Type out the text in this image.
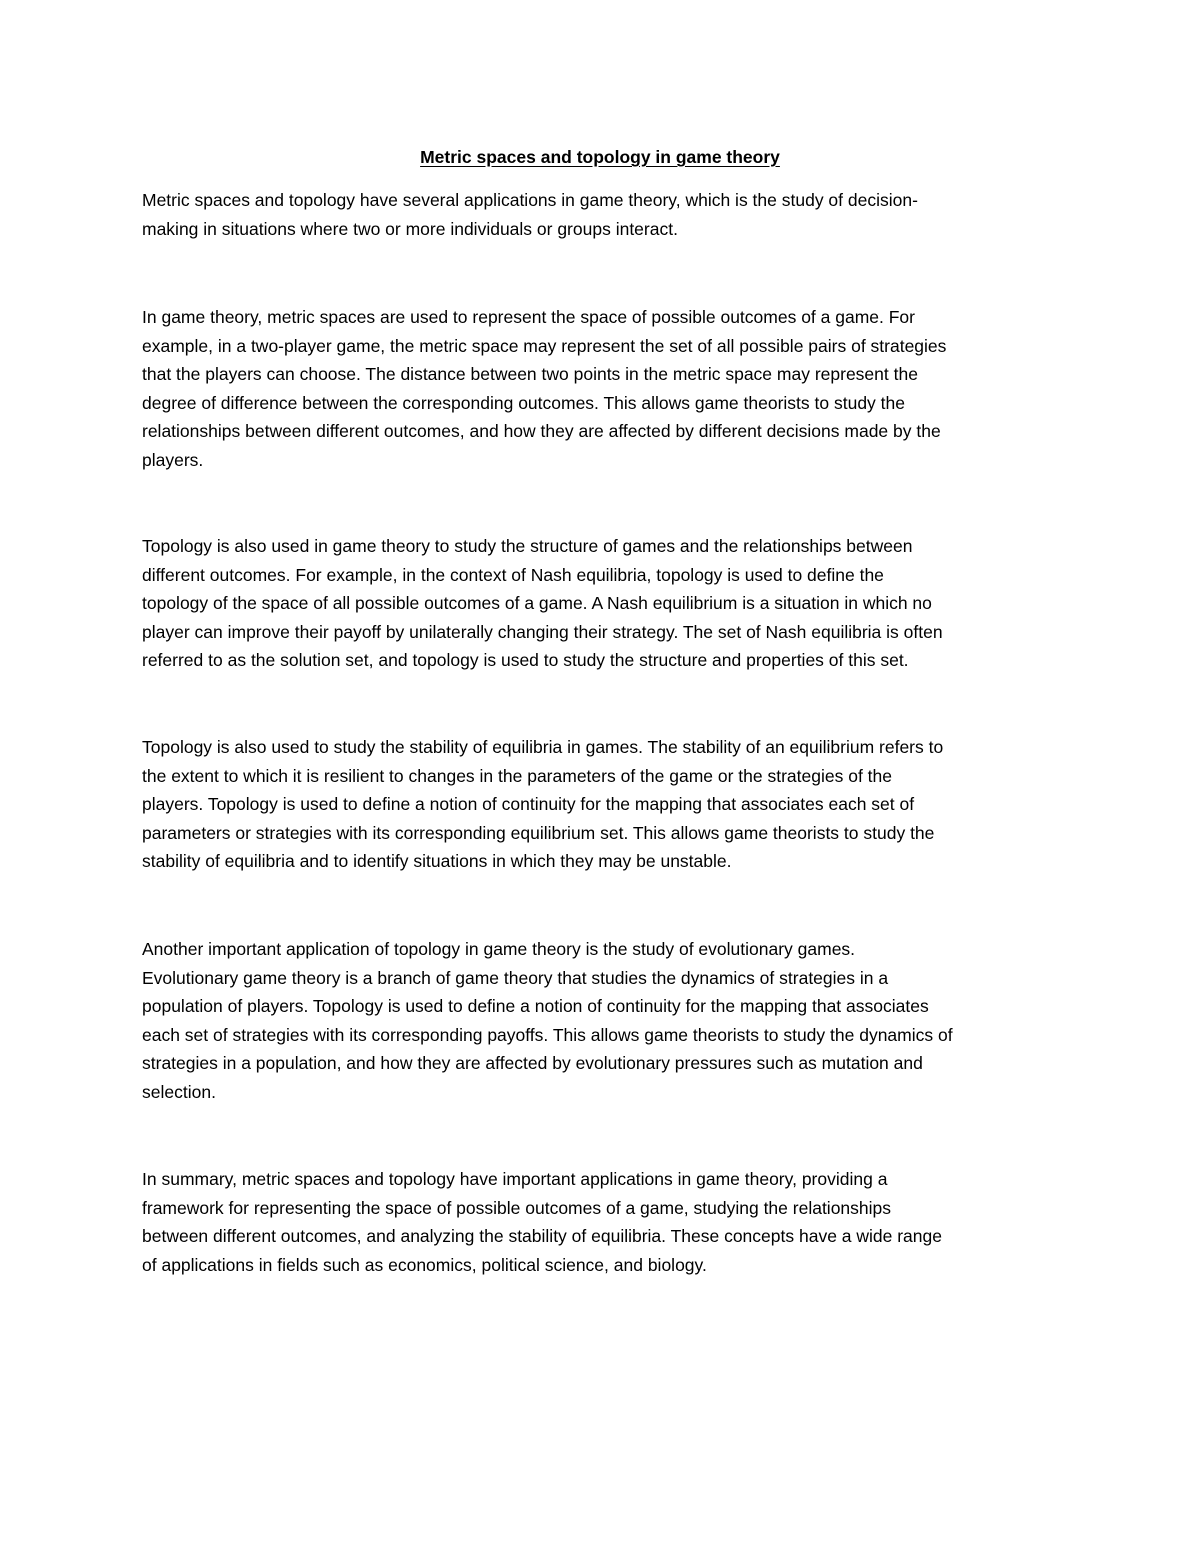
Metric spaces and topology in game theory

Metric spaces and topology have several applications in game theory, which is the study of decision-
making in situations where two or more individuals or groups interact.

In game theory, metric spaces are used to represent the space of possible outcomes of a game. For
example, in a two-player game, the metric space may represent the set of all possible pairs of strategies
that the players can choose. The distance between two points in the metric space may represent the
degree of difference between the corresponding outcomes. This allows game theorists to study the
relationships between different outcomes, and how they are affected by different decisions made by the
players.

Topology is also used in game theory to study the structure of games and the relationships between
different outcomes. For example, in the context of Nash equilibria, topology is used to define the
topology of the space of all possible outcomes of a game. A Nash equilibrium is a situation in which no
player can improve their payoff by unilaterally changing their strategy. The set of Nash equilibria is often
referred to as the solution set, and topology is used to study the structure and properties of this set.

Topology is also used to study the stability of equilibria in games. The stability of an equilibrium refers to
the extent to which it is resilient to changes in the parameters of the game or the strategies of the
players. Topology is used to define a notion of continuity for the mapping that associates each set of
parameters or strategies with its corresponding equilibrium set. This allows game theorists to study the
stability of equilibria and to identify situations in which they may be unstable.

Another important application of topology in game theory is the study of evolutionary games.
Evolutionary game theory is a branch of game theory that studies the dynamics of strategies in a
population of players. Topology is used to define a notion of continuity for the mapping that associates
each set of strategies with its corresponding payoffs. This allows game theorists to study the dynamics of
strategies in a population, and how they are affected by evolutionary pressures such as mutation and
selection.

In summary, metric spaces and topology have important applications in game theory, providing a
framework for representing the space of possible outcomes of a game, studying the relationships
between different outcomes, and analyzing the stability of equilibria. These concepts have a wide range
of applications in fields such as economics, political science, and biology.
